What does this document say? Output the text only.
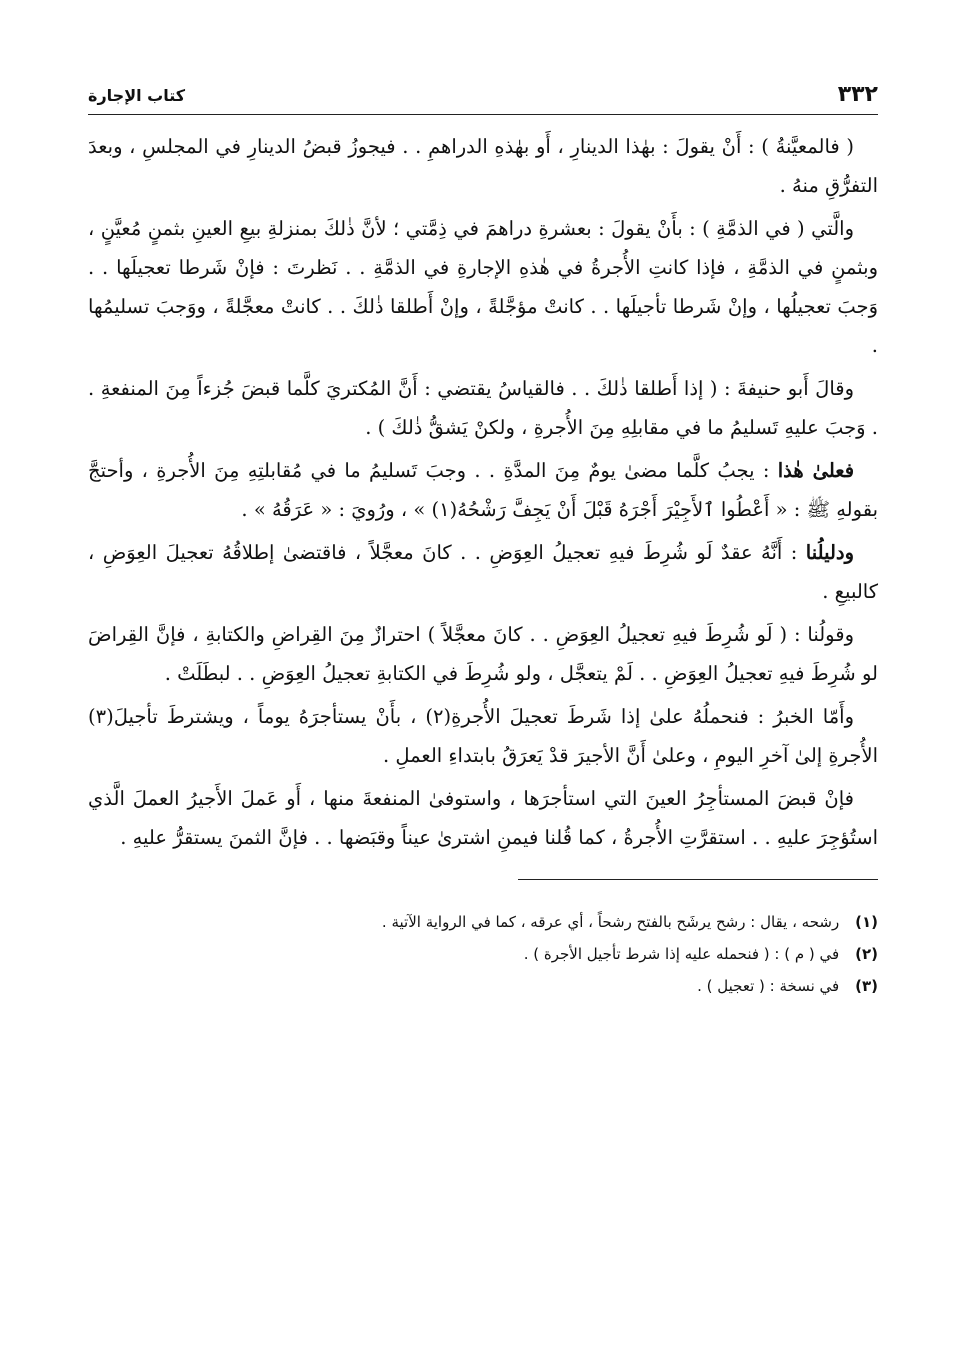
٣٣٢
كتاب الإجارة

( فالمعيَّنةُ ) : أَنْ يقولَ : بهٰذا الدينارِ ، أَو بهٰذهِ الدراهمِ . . فيجوزُ قبضُ الدينارِ في المجلسِ ، وبعدَ التفرُّقِ منهُ .

والَّتي ( في الذمَّةِ ) : بأَنْ يقولَ : بعشرةِ دراهمَ في ذِمَّتي ؛ لأنَّ ذٰلكَ بمنزلةِ بيعِ العينِ بثمنٍ مُعيَّنٍ ، وبثمنٍ في الذمَّةِ ، فإذا كانتِ الأُجرةُ في هٰذهِ الإجارةِ في الذمَّةِ . . نَظرتَ : فإنْ شَرطا تعجيلَها . . وَجبَ تعجيلُها ، وإنْ شَرطا تأجيلَها . . كانتْ مؤجَّلةً ، وإنْ أَطلقا ذٰلكَ . . كانتْ معجَّلةً ، ووَجبَ تسليمُها .

وقالَ أَبو حنيفةَ : ( إذا أَطلقا ذٰلكَ . . فالقياسُ يقتضي : أَنَّ المُكتريَ كلَّما قبضَ جُزءاً مِنَ المنفعةِ . . وَجبَ عليهِ تَسليمُ ما في مقابلِهِ مِنَ الأُجرةِ ، ولكنْ يَشقُّ ذٰلكَ ) .

فعلىٰ هٰذا : يجبُ كلَّما مضىٰ يومٌ مِنَ المدَّةِ . . وجبَ تَسليمُ ما في مُقابلتِهِ مِنَ الأُجرةِ ، وأحتجَّ بقولهِ ﷺ : « أَعْطُوا ٱلأَجِيْرَ أَجْرَهُ قَبْلَ أَنْ يَجِفَّ رَشْحُهُ(١) » ، ورُويَ : « عَرَقُهُ » .

ودليلُنا : أَنَّهُ عقدٌ لَو شُرِطَ فيهِ تعجيلُ العِوَضِ . . كانَ معجَّلاً ، فاقتضىٰ إطلاقُهُ تعجيلَ العِوَضِ ، كالبيعِ .

وقولُنا : ( لَو شُرِطَ فيهِ تعجيلُ العِوَضِ . . كانَ معجَّلاً ) احترازٌ مِنَ القِراضِ والكتابةِ ، فإنَّ القِراضَ لو شُرِطَ فيهِ تعجيلُ العِوَضِ . . لَمْ يتعجَّل ، ولو شُرِطَ في الكتابةِ تعجيلُ العِوَضِ . . لبطَلَتْ .

وأَمّا الخبرُ : فنحملُهُ علىٰ إذا شَرطَ تعجيلَ الأُجرةِ(٢) ، بأَنْ يستأجرَهُ يوماً ، ويشترطَ تأجيلَ(٣) الأُجرةِ إلىٰ آخرِ اليومِ ، وعلىٰ أَنَّ الأجيرَ قدْ يَعرَقُ بابتداءِ العملِ .

فإنْ قبضَ المستأجِرُ العينَ التي استأجرَها ، واستوفىٰ المنفعةَ منها ، أَو عَملَ الأَجيرُ العملَ الَّذي استُؤجِرَ عليهِ . . استقرَّتِ الأُجرةُ ، كما قُلنا فيمنِ اشترىٰ عيناً وقبَضها . . فإنَّ الثمنَ يستقرُّ عليهِ .

(١) رشحه ، يقال : رشح يرشَح بالفتح رشحاً ، أي عرقه ، كما في الرواية الآتية .
(٢) في ( م ) : ( فنحمله عليه إذا شرط تأجيل الأجرة ) .
(٣) في نسخة : ( تعجيل ) .
